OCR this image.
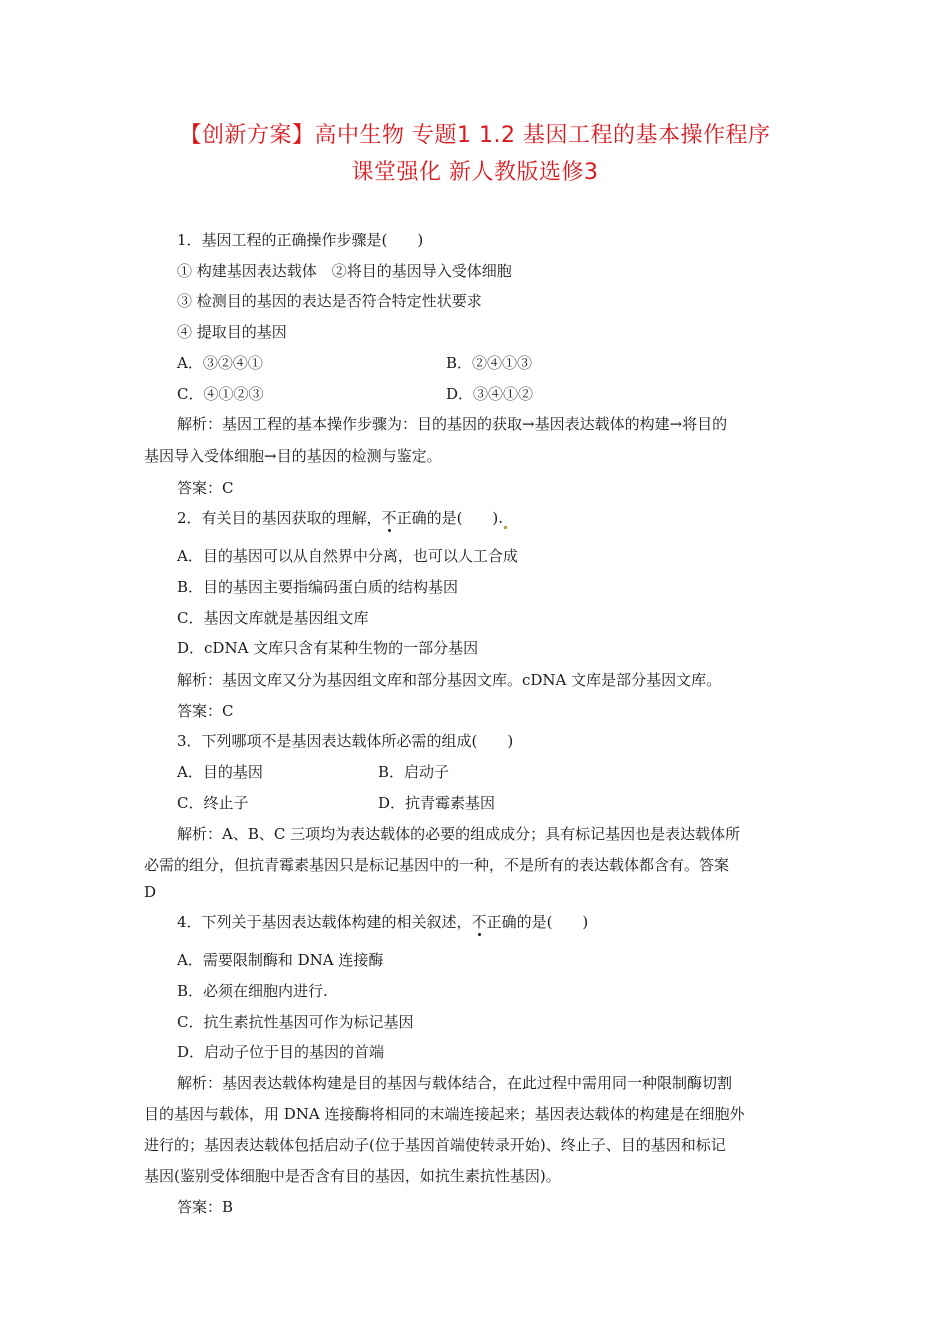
【创新方案】高中生物 专题1 1.2 基因工程的基本操作程序
课堂强化 新人教版选修3
1．基因工程的正确操作步骤是(　　)
① 构建基因表达载体　②将目的基因导入受体细胞
③ 检测目的基因的表达是否符合特定性状要求
④ 提取目的基因
A．③②④①	B．②④①③
C．④①②③	D．③④①②
解析：基因工程的基本操作步骤为：目的基因的获取→基因表达载体的构建→将目的
基因导入受体细胞→目的基因的检测与鉴定。
答案：C
2．有关目的基因获取的理解，不正确的是(　　).
A．目的基因可以从自然界中分离，也可以人工合成
B．目的基因主要指编码蛋白质的结构基因
C．基因文库就是基因组文库
D．cDNA 文库只含有某种生物的一部分基因
解析：基因文库又分为基因组文库和部分基因文库。cDNA 文库是部分基因文库。
答案：C
3．下列哪项不是基因表达载体所必需的组成(　　)
A．目的基因	B．启动子
C．终止子	D．抗青霉素基因
解析：A、B、C 三项均为表达载体的必要的组成成分；具有标记基因也是表达载体所
必需的组分，但抗青霉素基因只是标记基因中的一种，不是所有的表达载体都含有。答案
D
4．下列关于基因表达载体构建的相关叙述，不正确的是(　　)
A．需要限制酶和 DNA 连接酶
B．必须在细胞内进行.
C．抗生素抗性基因可作为标记基因
D．启动子位于目的基因的首端
解析：基因表达载体构建是目的基因与载体结合，在此过程中需用同一种限制酶切割
目的基因与载体，用 DNA 连接酶将相同的末端连接起来；基因表达载体的构建是在细胞外
进行的；基因表达载体包括启动子(位于基因首端使转录开始)、终止子、目的基因和标记
基因(鉴别受体细胞中是否含有目的基因，如抗生素抗性基因)。
答案：B
